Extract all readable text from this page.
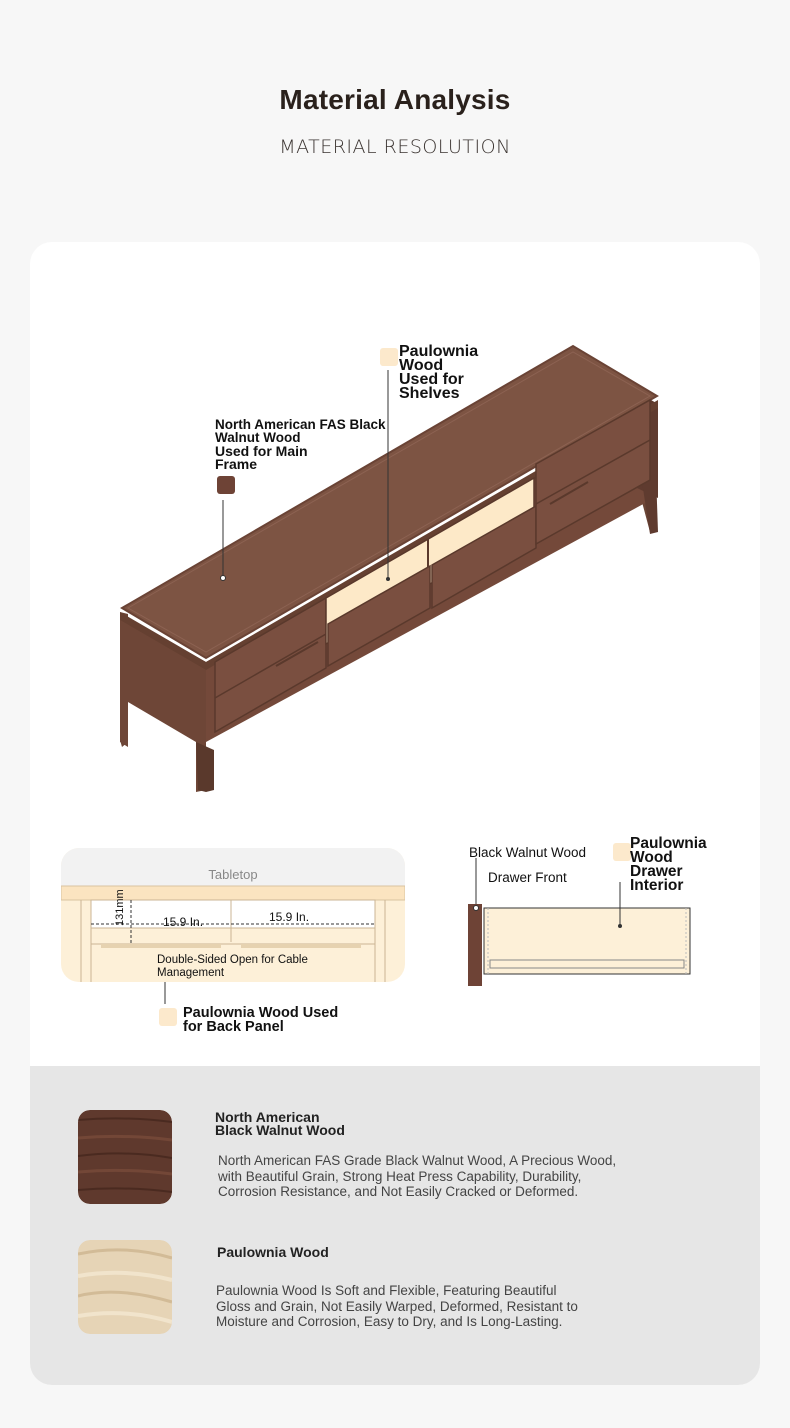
Material Analysis
MATERIAL RESOLUTION
North American FAS Black
Walnut Wood
Used for Main
Frame
Paulownia
Wood
Used for
Shelves
Tabletop
15.9 In.	15.9 In.
131mm
Double-Sided Open for Cable
Management
Paulownia Wood Used
for Back Panel
Black Walnut Wood
Drawer Front
Paulownia
Wood
Drawer
Interior
North American
Black Walnut Wood
North American FAS Grade Black Walnut Wood, A Precious Wood,
with Beautiful Grain, Strong Heat Press Capability, Durability,
Corrosion Resistance, and Not Easily Cracked or Deformed.
Paulownia Wood
Paulownia Wood Is Soft and Flexible, Featuring Beautiful
Gloss and Grain, Not Easily Warped, Deformed, Resistant to
Moisture and Corrosion, Easy to Dry, and Is Long-Lasting.
